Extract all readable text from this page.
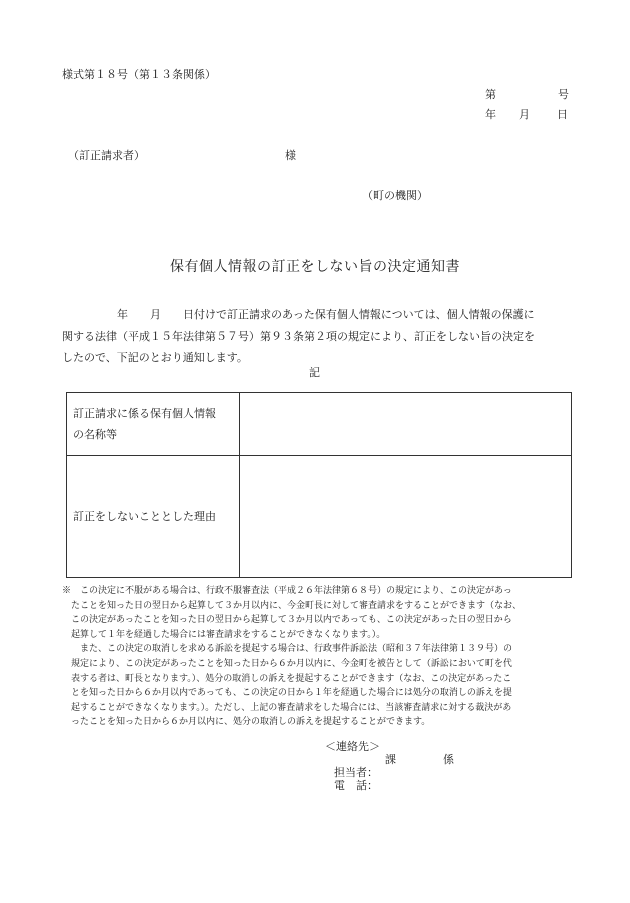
様式第１８号（第１３条関係）
第	号
年 月 日
（訂正請求者）	様
（町の機関）
保有個人情報の訂正をしない旨の決定通知書
　　　　　年　　月　　日付けで訂正請求のあった保有個人情報については、個人情報の保護に
関する法律（平成１５年法律第５７号）第９３条第２項の規定により、訂正をしない旨の決定を
したので、下記のとおり通知します。
記
訂正請求に係る保有個人情報
の名称等	

訂正をしないこととした理由	

※　この決定に不服がある場合は、行政不服審査法（平成２６年法律第６８号）の規定により、この決定があっ
　たことを知った日の翌日から起算して３か月以内に、今金町長に対して審査請求をすることができます（なお、
　この決定があったことを知った日の翌日から起算して３か月以内であっても、この決定があった日の翌日から
　起算して１年を経過した場合には審査請求をすることができなくなります。）。
　　また、この決定の取消しを求める訴訟を提起する場合は、行政事件訴訟法（昭和３７年法律第１３９号）の
　規定により、この決定があったことを知った日から６か月以内に、今金町を被告として（訴訟において町を代
　表する者は、町長となります。）、処分の取消しの訴えを提起することができます（なお、この決定があったこ
　とを知った日から６か月以内であっても、この決定の日から１年を経過した場合には処分の取消しの訴えを提
　起することができなくなります。）。ただし、上記の審査請求をした場合には、当該審査請求に対する裁決があ
　ったことを知った日から６か月以内に、処分の取消しの訴えを提起することができます。
＜連絡先＞
課	係
担当者：
電　話：
